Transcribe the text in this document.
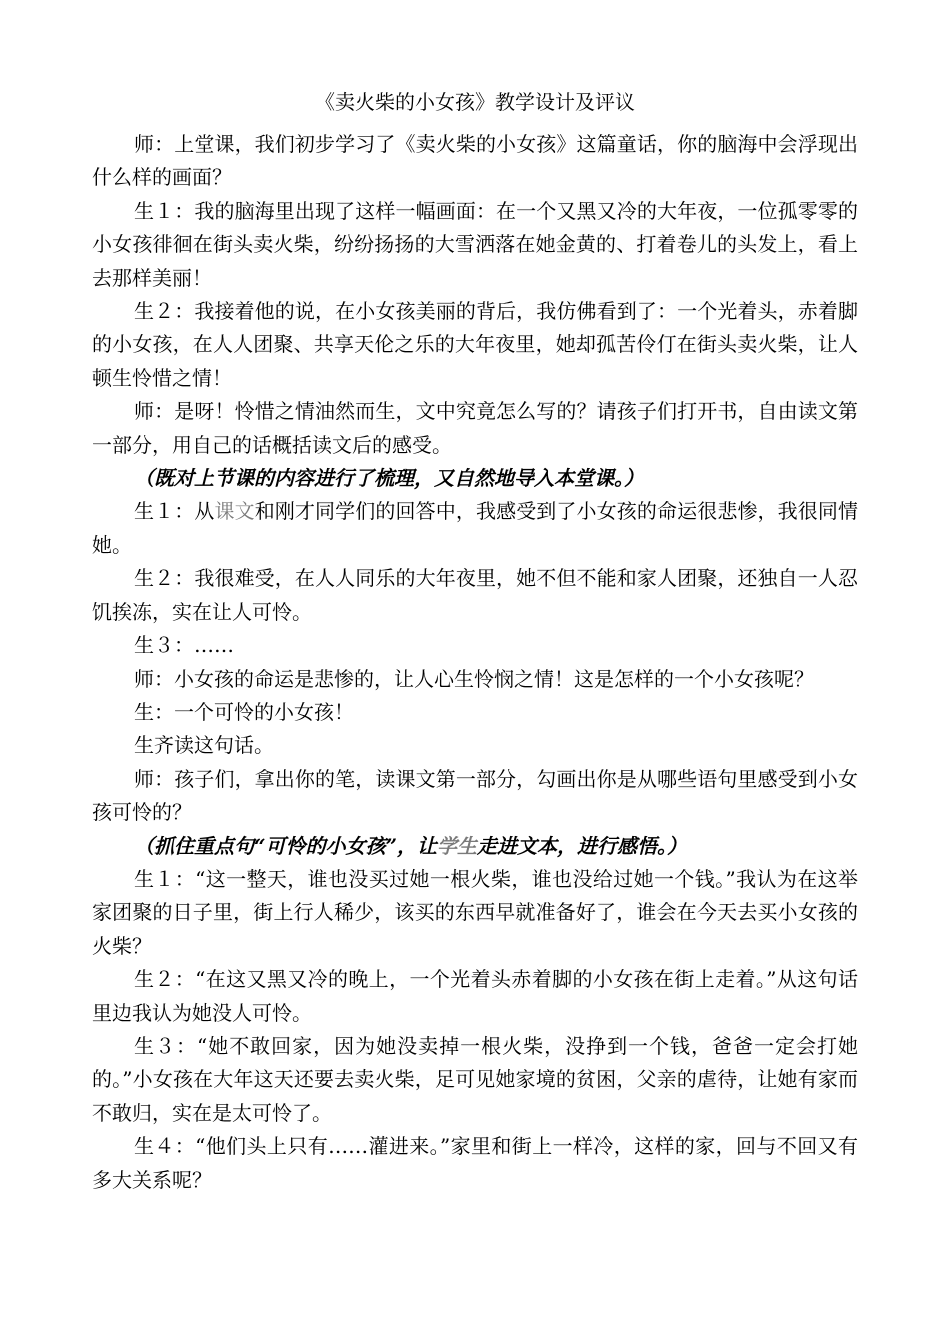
《卖火柴的小女孩》教学设计及评议

师：上堂课，我们初步学习了《卖火柴的小女孩》这篇童话，你的脑海中会浮现出什么样的画面？

生１：我的脑海里出现了这样一幅画面：在一个又黑又冷的大年夜，一位孤零零的小女孩徘徊在街头卖火柴，纷纷扬扬的大雪洒落在她金黄的、打着卷儿的头发上，看上去那样美丽！

生２：我接着他的说，在小女孩美丽的背后，我仿佛看到了：一个光着头，赤着脚的小女孩，在人人团聚、共享天伦之乐的大年夜里，她却孤苦伶仃在街头卖火柴，让人顿生怜惜之情！

师：是呀！怜惜之情油然而生，文中究竟怎么写的？请孩子们打开书，自由读文第一部分，用自己的话概括读文后的感受。

（既对上节课的内容进行了梳理，又自然地导入本堂课。）

生１：从课文和刚才同学们的回答中，我感受到了小女孩的命运很悲惨，我很同情她。

生２：我很难受，在人人同乐的大年夜里，她不但不能和家人团聚，还独自一人忍饥挨冻，实在让人可怜。

生３：……

师：小女孩的命运是悲惨的，让人心生怜悯之情！这是怎样的一个小女孩呢？

生：一个可怜的小女孩！

生齐读这句话。

师：孩子们，拿出你的笔，读课文第一部分，勾画出你是从哪些语句里感受到小女孩可怜的？

（抓住重点句“可怜的小女孩”，让学生走进文本，进行感悟。）

生１：“这一整天，谁也没买过她一根火柴，谁也没给过她一个钱。”我认为在这举家团聚的日子里，街上行人稀少，该买的东西早就准备好了，谁会在今天去买小女孩的火柴？

生２：“在这又黑又冷的晚上，一个光着头赤着脚的小女孩在街上走着。”从这句话里边我认为她没人可怜。

生３：“她不敢回家，因为她没卖掉一根火柴，没挣到一个钱，爸爸一定会打她的。”小女孩在大年这天还要去卖火柴，足可见她家境的贫困，父亲的虐待，让她有家而不敢归，实在是太可怜了。

生４：“他们头上只有……灌进来。”家里和街上一样冷，这样的家，回与不回又有多大关系呢？
